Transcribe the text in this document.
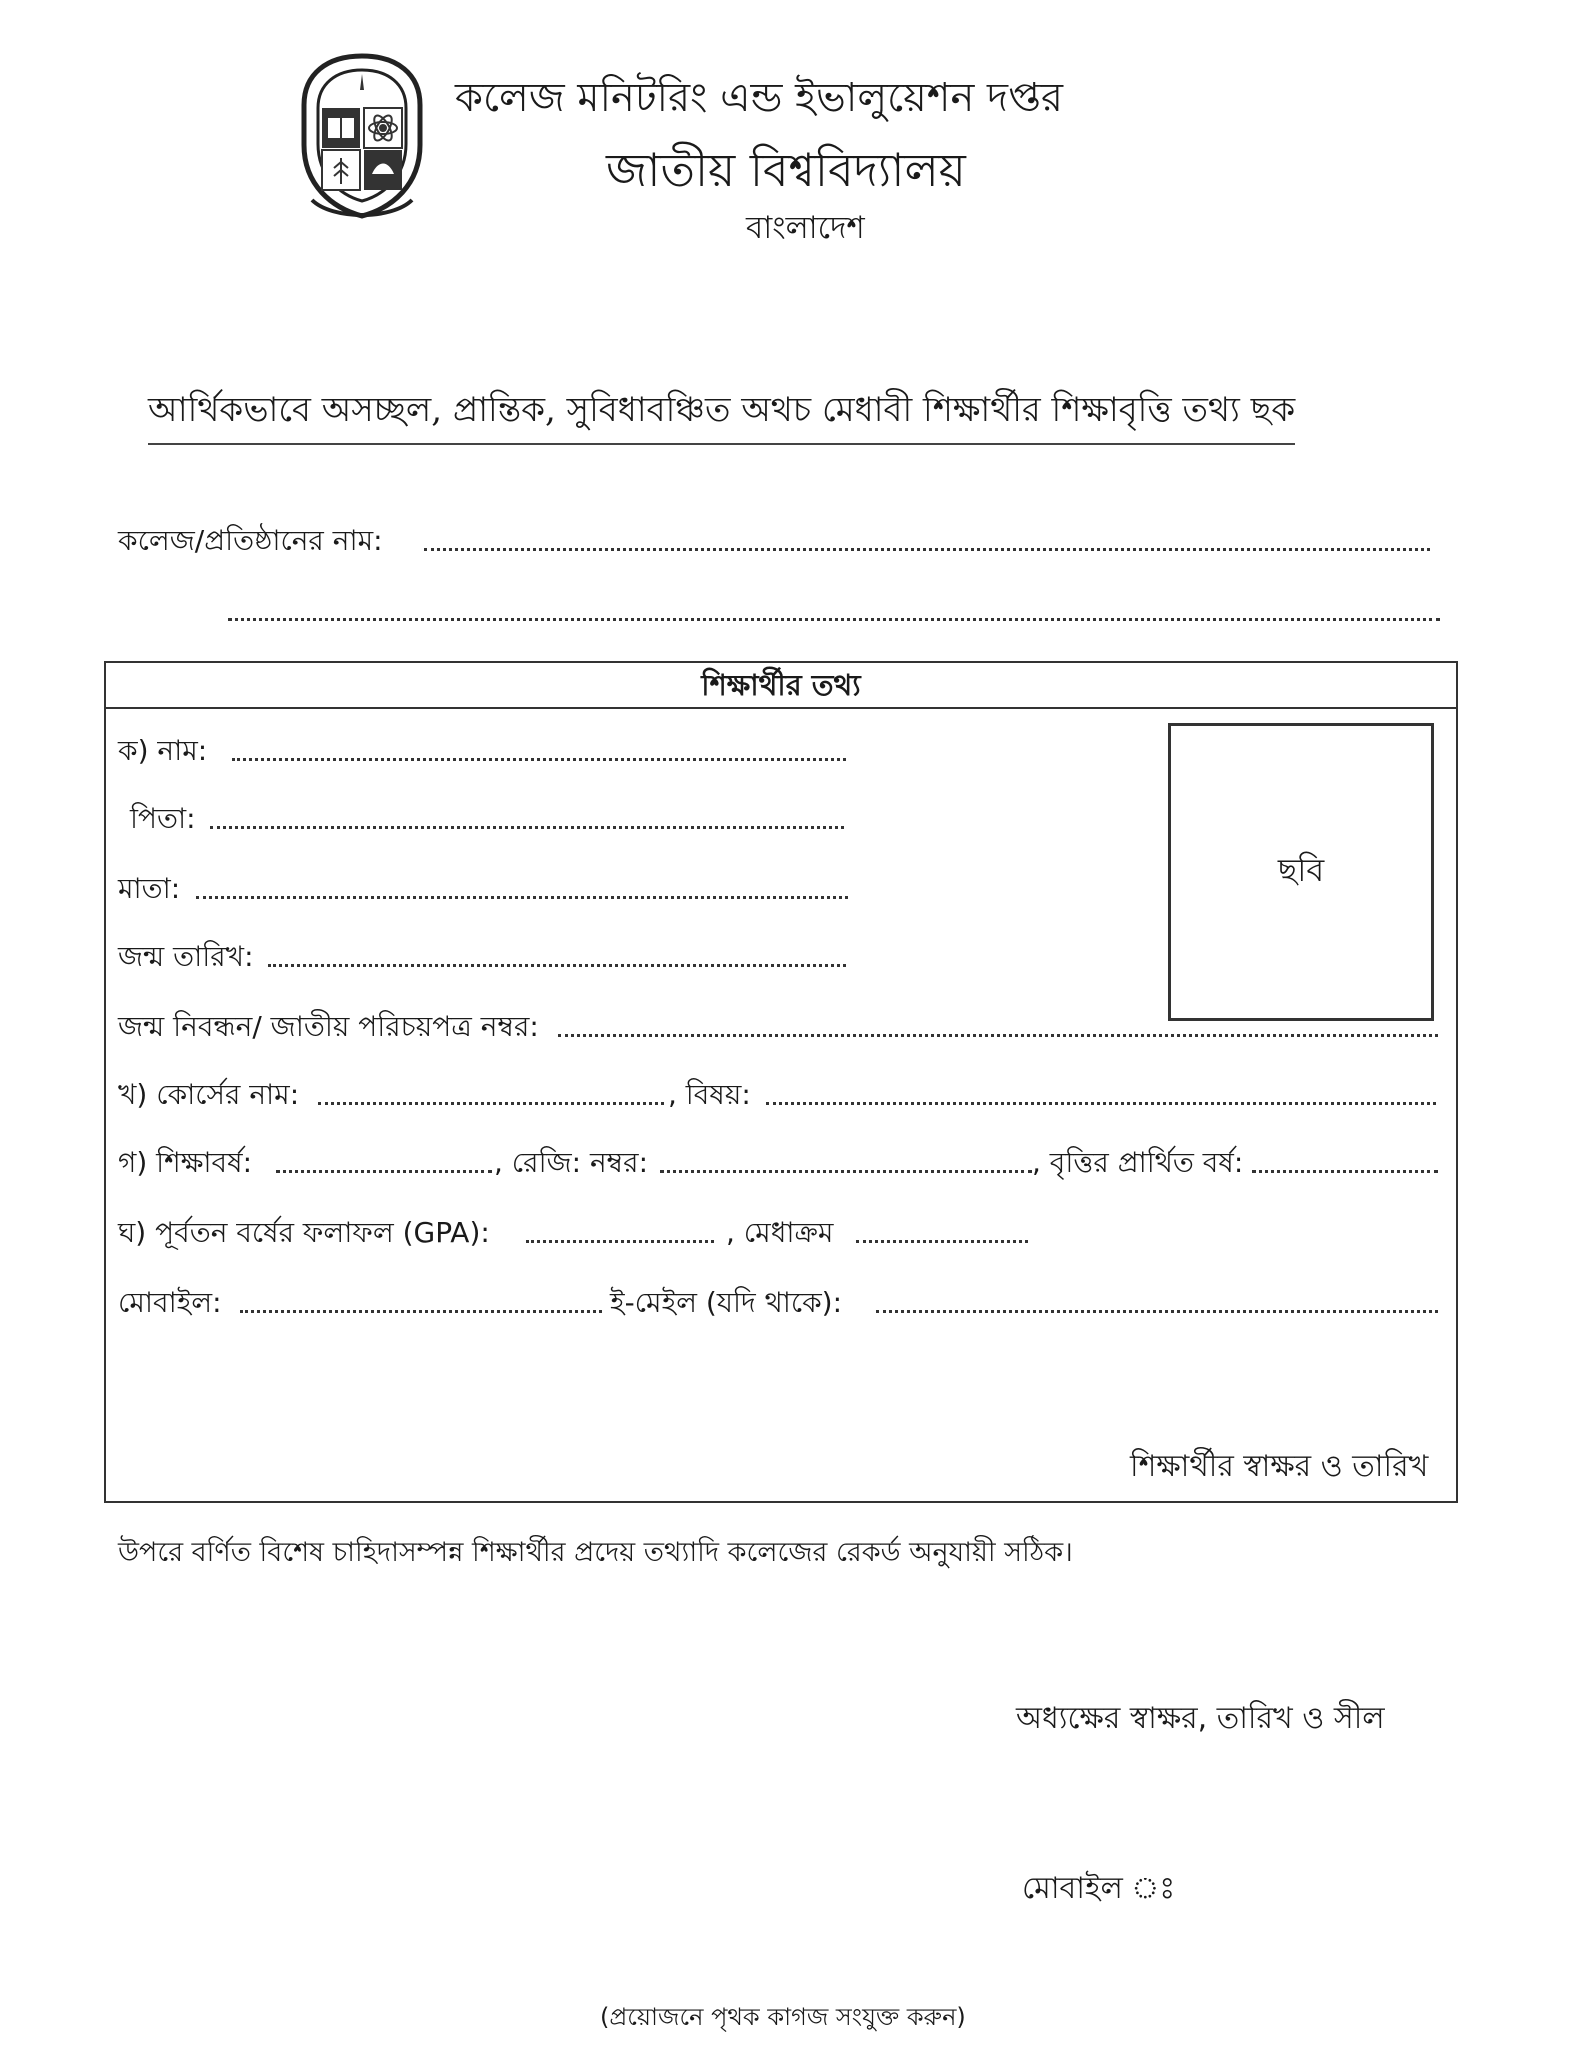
কলেজ মনিটরিং এন্ড ইভালুয়েশন দপ্তর
জাতীয় বিশ্ববিদ্যালয়
বাংলাদেশ
আর্থিকভাবে অসচ্ছল, প্রান্তিক, সুবিধাবঞ্চিত অথচ মেধাবী শিক্ষার্থীর শিক্ষাবৃত্তি তথ্য ছক
কলেজ/প্রতিষ্ঠানের নাম:
শিক্ষার্থীর তথ্য
ছবি
ক) নাম:
পিতা:
মাতা:
জন্ম তারিখ:
জন্ম নিবন্ধন/ জাতীয় পরিচয়পত্র নম্বর:
খ) কোর্সের নাম:	, বিষয়:
গ) শিক্ষাবর্ষ:	, রেজি: নম্বর:	, বৃত্তির প্রার্থিত বর্ষ:
ঘ) পূর্বতন বর্ষের ফলাফল (GPA):	, মেধাক্রম
মোবাইল:	ই-মেইল (যদি থাকে):
শিক্ষার্থীর স্বাক্ষর ও তারিখ
উপরে বর্ণিত বিশেষ চাহিদাসম্পন্ন শিক্ষার্থীর প্রদেয় তথ্যাদি কলেজের রেকর্ড অনুযায়ী সঠিক।
অধ্যক্ষের স্বাক্ষর, তারিখ ও সীল
মোবাইল ঃ
(প্রয়োজনে পৃথক কাগজ সংযুক্ত করুন)
